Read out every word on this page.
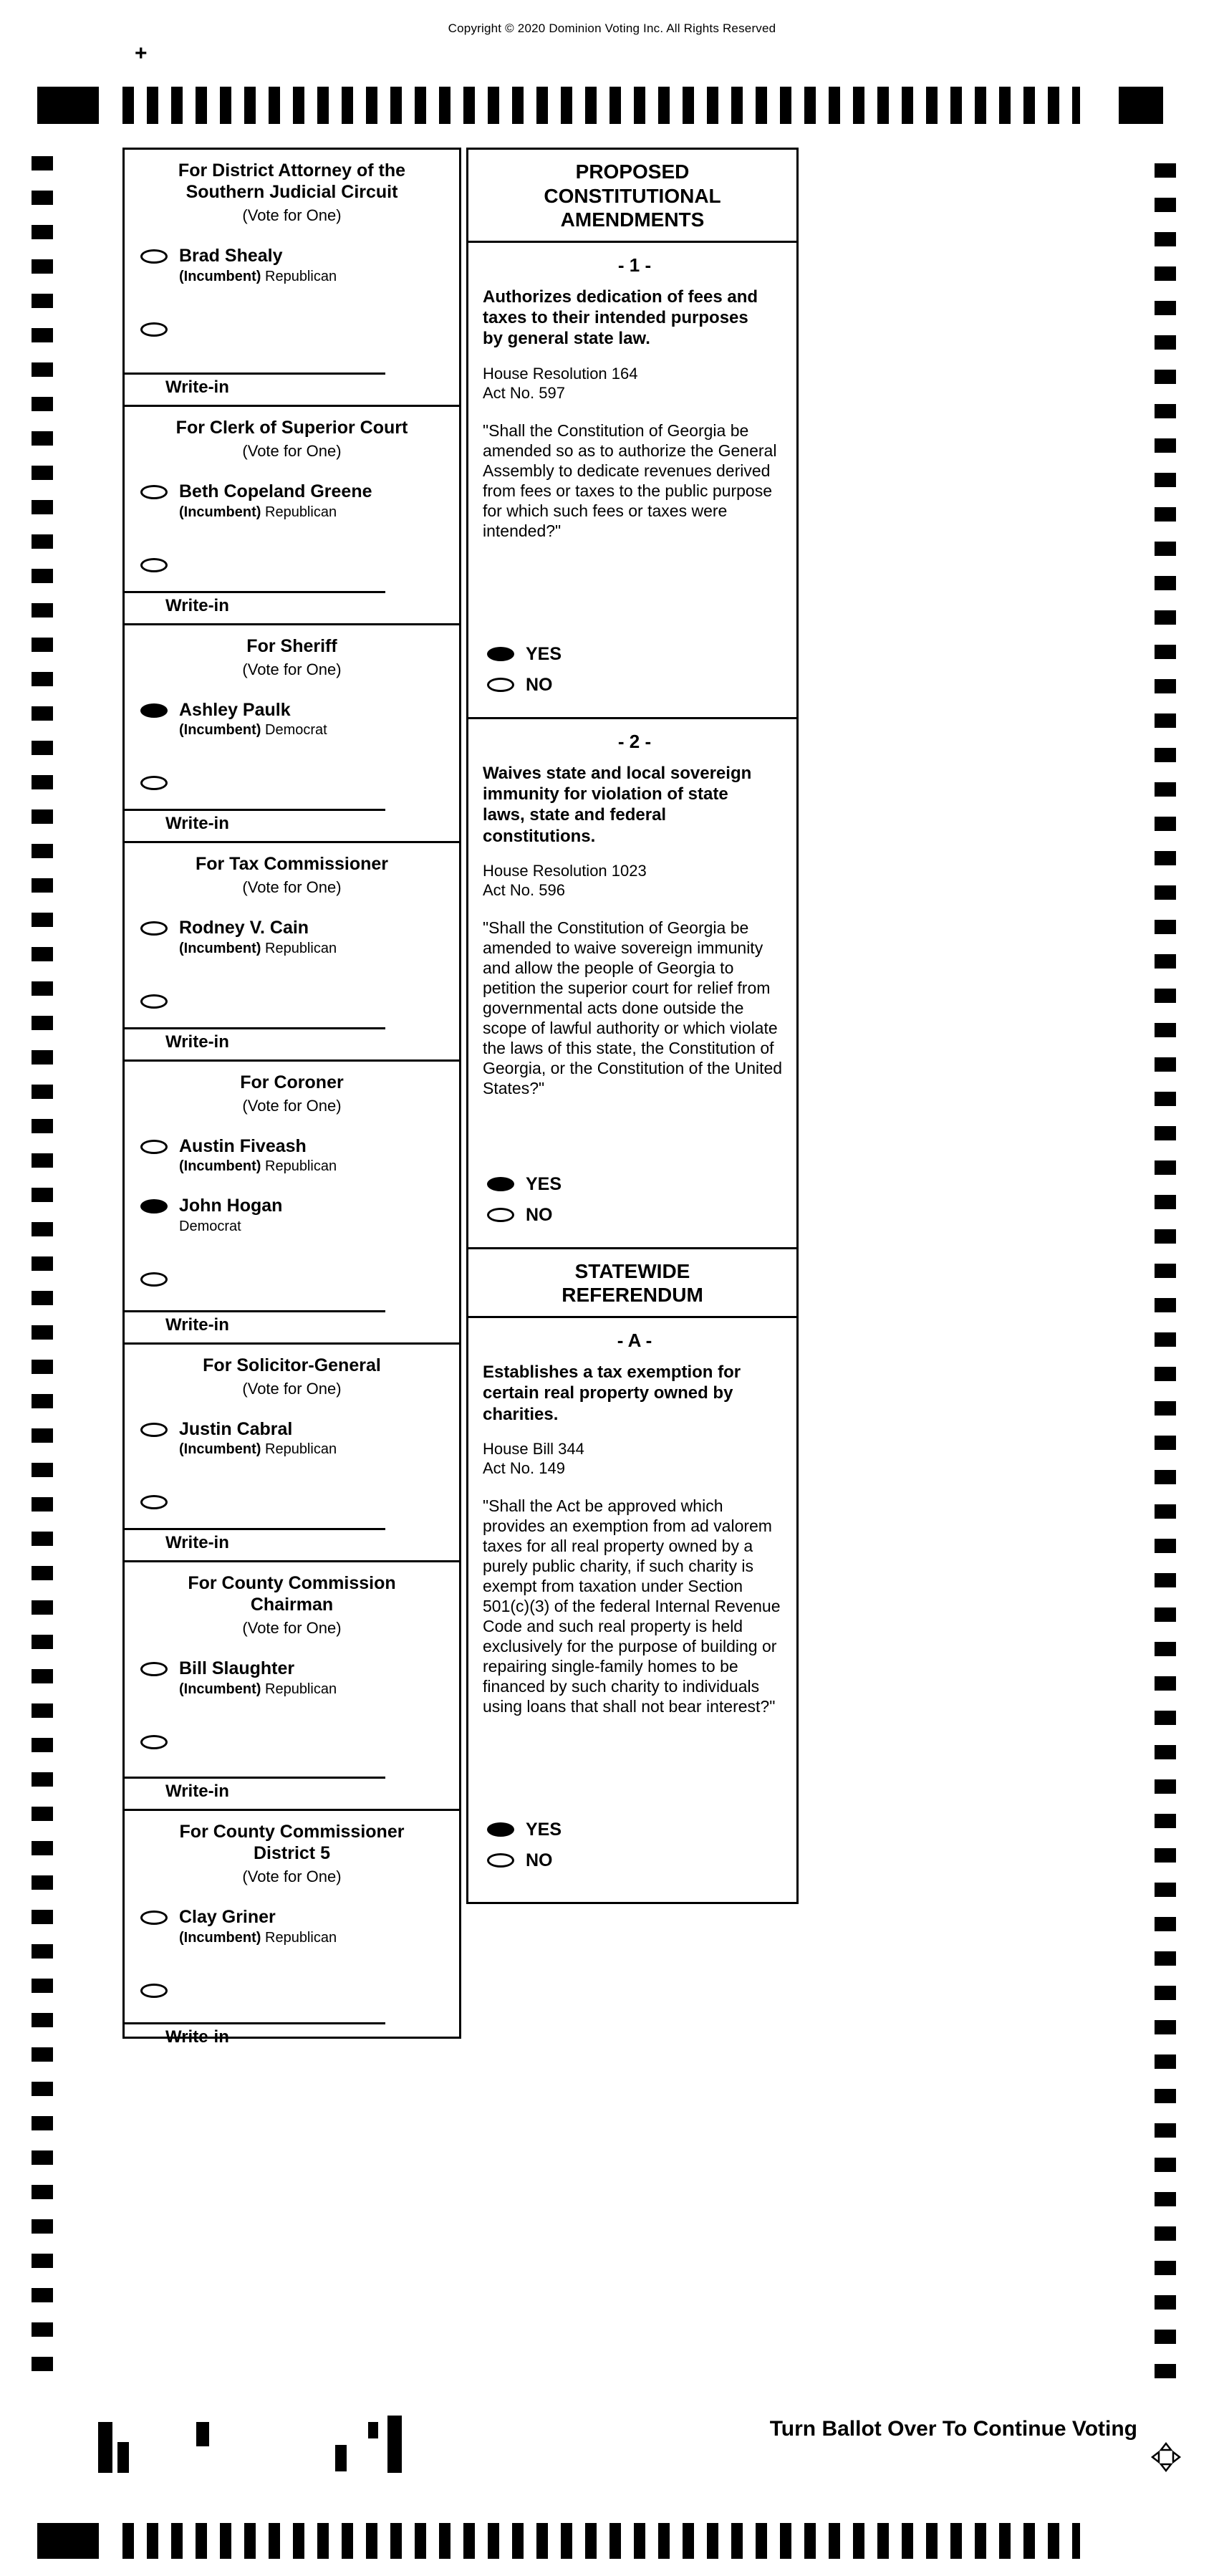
Copyright © 2020 Dominion Voting Inc. All Rights Reserved
+
For District Attorney of the Southern Judicial Circuit
(Vote for One)
Brad Shealy
(Incumbent) Republican
Write-in
For Clerk of Superior Court
(Vote for One)
Beth Copeland Greene
(Incumbent) Republican
Write-in
For Sheriff
(Vote for One)
Ashley Paulk
(Incumbent) Democrat
Write-in
For Tax Commissioner
(Vote for One)
Rodney V. Cain
(Incumbent) Republican
Write-in
For Coroner
(Vote for One)
Austin Fiveash
(Incumbent) Republican
John Hogan
Democrat
Write-in
For Solicitor-General
(Vote for One)
Justin Cabral
(Incumbent) Republican
Write-in
For County Commission Chairman
(Vote for One)
Bill Slaughter
(Incumbent) Republican
Write-in
For County Commissioner District 5
(Vote for One)
Clay Griner
(Incumbent) Republican
Write-in
PROPOSED CONSTITUTIONAL AMENDMENTS
- 1 -

Authorizes dedication of fees and taxes to their intended purposes by general state law.

House Resolution 164
Act No. 597

"Shall the Constitution of Georgia be amended so as to authorize the General Assembly to dedicate revenues derived from fees or taxes to the public purpose for which such fees or taxes were intended?"

YES
NO
- 2 -

Waives state and local sovereign immunity for violation of state laws, state and federal constitutions.

House Resolution 1023
Act No. 596

"Shall the Constitution of Georgia be amended to waive sovereign immunity and allow the people of Georgia to petition the superior court for relief from governmental acts done outside the scope of lawful authority or which violate the laws of this state, the Constitution of Georgia, or the Constitution of the United States?"

YES
NO
STATEWIDE REFERENDUM
- A -

Establishes a tax exemption for certain real property owned by charities.

House Bill 344
Act No. 149

"Shall the Act be approved which provides an exemption from ad valorem taxes for all real property owned by a purely public charity, if such charity is exempt from taxation under Section 501(c)(3) of the federal Internal Revenue Code and such real property is held exclusively for the purpose of building or repairing single-family homes to be financed by such charity to individuals using loans that shall not bear interest?"

YES
NO
Turn Ballot Over To Continue Voting
